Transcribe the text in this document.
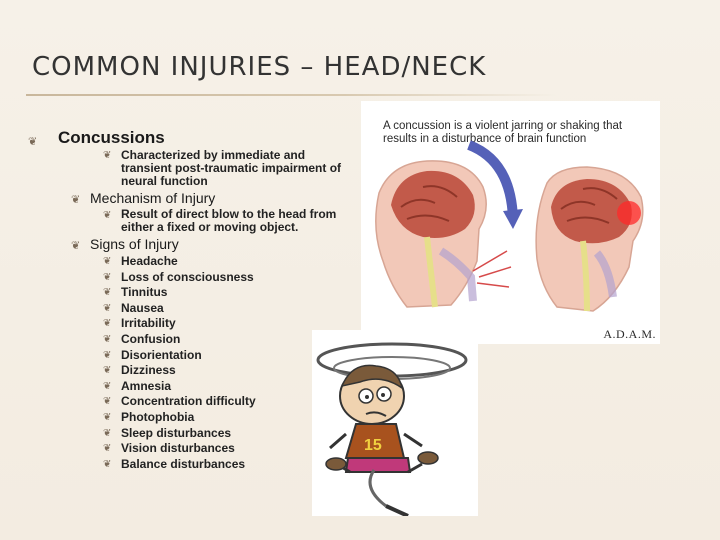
COMMON INJURIES – HEAD/NECK
❦ Concussions
❦ Characterized by immediate and transient post-traumatic impairment of neural function
❦ Mechanism of Injury
❦ Result of direct blow to the head from either a fixed or moving object.
❦ Signs of Injury
❦ Headache
❦ Loss of consciousness
❦ Tinnitus
❦ Nausea
❦ Irritability
❦ Confusion
❦ Disorientation
❦ Dizziness
❦ Amnesia
❦ Concentration difficulty
❦ Photophobia
❦ Sleep disturbances
❦ Vision disturbances
❦ Balance disturbances
A concussion is a violent jarring or shaking that results in a disturbance of brain function
A.D.A.M.
15
